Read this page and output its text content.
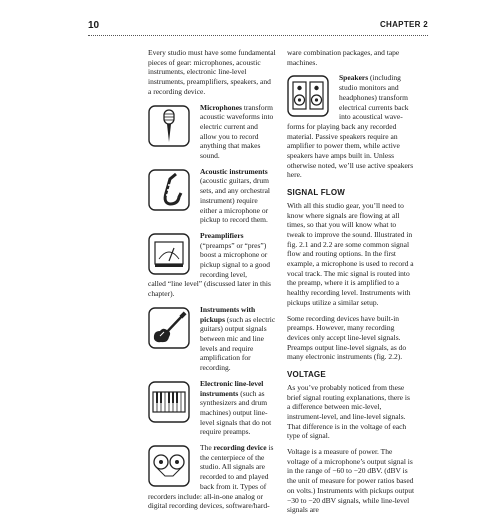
10	CHAPTER 2

Every studio must have some fundamental pieces of gear: microphones, acoustic instruments, electronic line-level instruments, preamplifiers, speakers, and a recording device.

Microphones transform acoustic waveforms into electric current and allow you to record anything that makes sound.
Acoustic instruments (acoustic guitars, drum sets, and any orchestral instrument) require either a microphone or pickup to record them.
Preamplifiers (“preamps” or “pres”) boost a microphone or pickup signal to a good recording level,

called “line level” (discussed later in this chapter).

Instruments with pickups (such as electric guitars) output signals between mic and line levels and require amplification for recording.
Electronic line-level instruments (such as synthesizers and drum machines) output line-level signals that do not require preamps.
The recording device is the centerpiece of the studio. All signals are recorded to and played back from it. Types of

recorders include: all-in-one analog or digital recording devices, software/hard-

ware combination packages, and tape machines.

Speakers (including studio monitors and headphones) transform electrical currents back into acoustical wave-

forms for playing back any recorded material. Passive speakers require an amplifier to power them, while active speakers have amps built in. Unless otherwise noted, we’ll use active speakers here.

SIGNAL FLOW

With all this studio gear, you’ll need to know where signals are flowing at all times, so that you will know what to tweak to improve the sound. Illustrated in fig. 2.1 and 2.2 are some common signal flow and routing options. In the first example, a microphone is used to record a vocal track. The mic signal is routed into the preamp, where it is amplified to a healthy recording level. Instruments with pickups utilize a similar setup.

Some recording devices have built-in preamps. However, many recording devices only accept line-level signals. Preamps output line-level signals, as do many electronic instruments (fig. 2.2).

VOLTAGE

As you’ve probably noticed from these brief signal routing explanations, there is a difference between mic-level, instrument-level, and line-level signals. That difference is in the voltage of each type of signal.

Voltage is a measure of power. The voltage of a microphone’s output signal is in the range of −60 to −20 dBV. (dBV is the unit of measure for power ratios based on volts.) Instruments with pickups output −30 to −20 dBV signals, while line-level signals are
